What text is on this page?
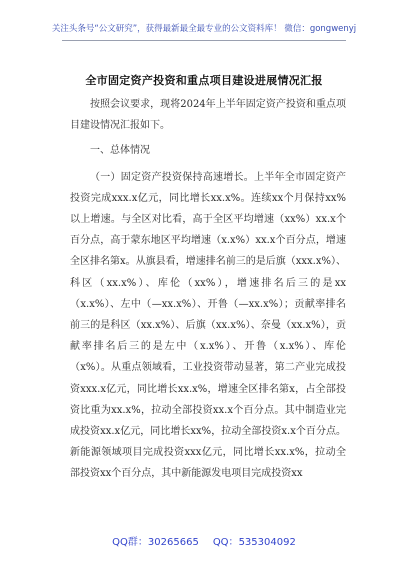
关注头条号“公文研究”，获得最新最全最专业的公文资料库！ 微信：gongwenyj
全市固定资产投资和重点项目建设进展情况汇报

按照会议要求，现将2024年上半年固定资产投资和重点项目建设情况汇报如下。

一、总体情况

（一）固定资产投资保持高速增长。上半年全市固定资产投资完成xxx.x亿元，同比增长xx.x%。连续xx个月保持xx%以上增速。与全区对比看，高于全区平均增速（xx%）xx.x个百分点，高于蒙东地区平均增速（x.x%）xx.x个百分点，增速全区排名第x。从旗县看，增速排名前三的是后旗（xxx.x%）、科区（xx.x%）、库伦（xx%），增速排名后三的是xx（x.x%）、左中（—xx.x%）、开鲁（—xx.x%）；贡献率排名前三的是科区（xx.x%）、后旗（xx.x%）、奈曼（xx.x%），贡献率排名后三的是左中（x.x%）、开鲁（x.x%）、库伦（x%）。从重点领域看，工业投资带动显著，第二产业完成投资xxx.x亿元，同比增长xx.x%，增速全区排名第x，占全部投资比重为xx.x%，拉动全部投资xx.x个百分点。其中制造业完成投资xx.x亿元，同比增长xx%，拉动全部投资x.x个百分点。新能源领域项目完成投资xxx亿元，同比增长xx.x%，拉动全部投资xx个百分点，其中新能源发电项目完成投资xx

QQ群：30265665 QQ：535304092
